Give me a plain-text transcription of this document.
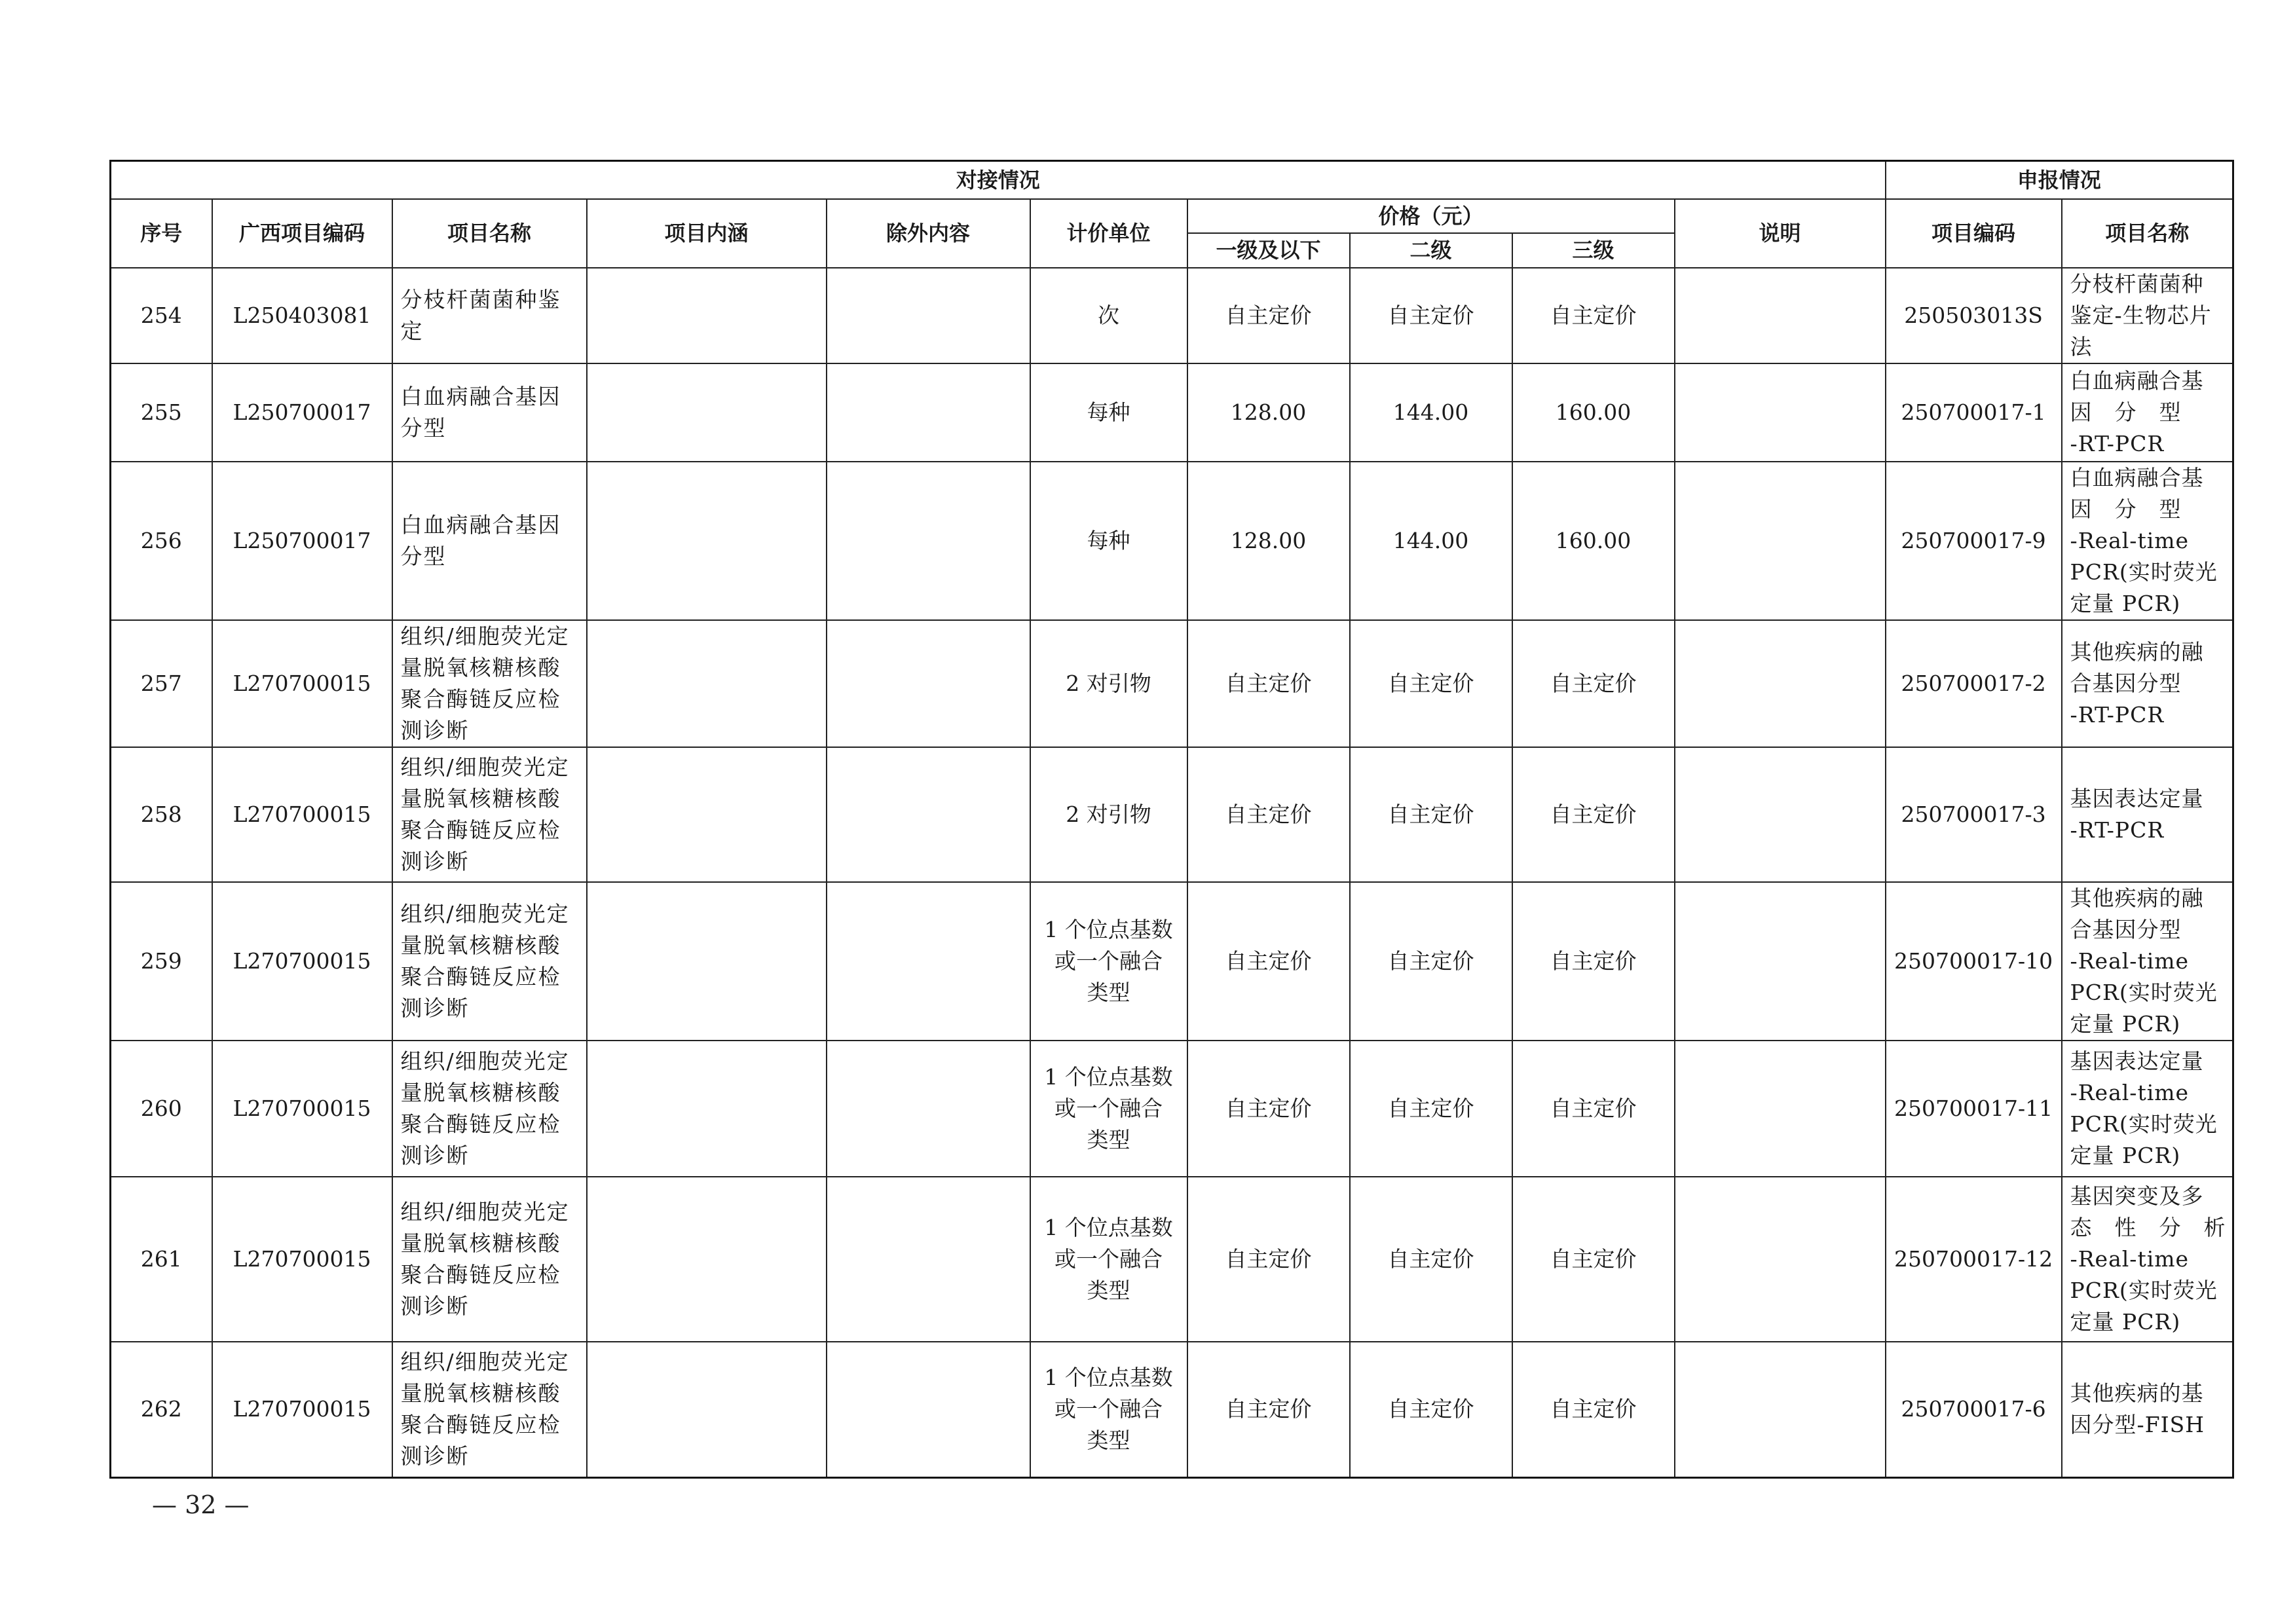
对接情况										申报情况	
序号	广西项目编码	项目名称	项目内涵	除外内容	计价单位	价格（元）			说明	项目编码	项目名称
						一级及以下	二级	三级			
254	L250403081	分枝杆菌菌种鉴
定			次	自主定价	自主定价	自主定价		250503013S	分枝杆菌菌种
鉴定-生物芯片
法

255	L250700017	白血病融合基因
分型			每种	128.00	144.00	160.00		250700017-1	白血病融合基
因　分　型
-RT-PCR

256	L250700017	白血病融合基因
分型			每种	128.00	144.00	160.00		250700017-9	白血病融合基
因　分　型
-Real-time
PCR(实时荧光
定量 PCR)

257	L270700015	组织/细胞荧光定
量脱氧核糖核酸
聚合酶链反应检
测诊断			2 对引物	自主定价	自主定价	自主定价		250700017-2	其他疾病的融
合基因分型
-RT-PCR

258	L270700015	组织/细胞荧光定
量脱氧核糖核酸
聚合酶链反应检
测诊断			2 对引物	自主定价	自主定价	自主定价		250700017-3	基因表达定量
-RT-PCR

259	L270700015	组织/细胞荧光定
量脱氧核糖核酸
聚合酶链反应检
测诊断			1 个位点基数
或一个融合
类型	自主定价	自主定价	自主定价		250700017-10	其他疾病的融
合基因分型
-Real-time
PCR(实时荧光
定量 PCR)

260	L270700015	组织/细胞荧光定
量脱氧核糖核酸
聚合酶链反应检
测诊断			1 个位点基数
或一个融合
类型	自主定价	自主定价	自主定价		250700017-11	基因表达定量
-Real-time
PCR(实时荧光
定量 PCR)

261	L270700015	组织/细胞荧光定
量脱氧核糖核酸
聚合酶链反应检
测诊断			1 个位点基数
或一个融合
类型	自主定价	自主定价	自主定价		250700017-12	基因突变及多
态　性　分　析
-Real-time
PCR(实时荧光
定量 PCR)

262	L270700015	组织/细胞荧光定
量脱氧核糖核酸
聚合酶链反应检
测诊断			1 个位点基数
或一个融合
类型	自主定价	自主定价	自主定价		250700017-6	其他疾病的基
因分型-FISH
— 32 —
